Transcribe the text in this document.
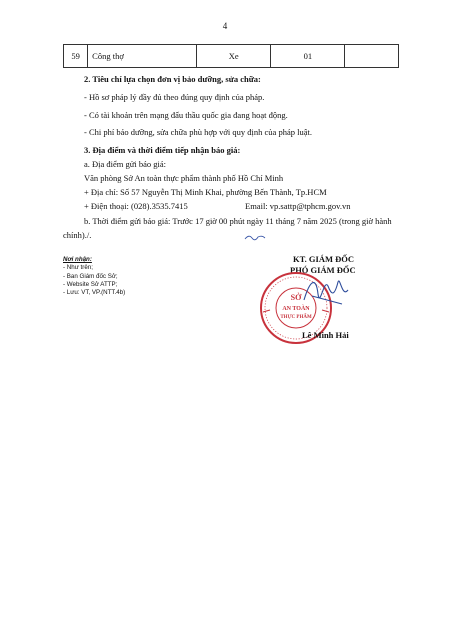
4
59	Công thợ	Xe	01	
2. Tiêu chí lựa chọn đơn vị bảo dưỡng, sửa chữa:
- Hồ sơ pháp lý đầy đủ theo đúng quy định của pháp.
- Có tài khoản trên mạng đấu thầu quốc gia đang hoạt động.
- Chi phí bảo dưỡng, sửa chữa phù hợp với quy định của pháp luật.
3. Địa điểm và thời điểm tiếp nhận báo giá:
a. Địa điểm gửi báo giá:
Văn phòng Sở An toàn thực phẩm thành phố Hồ Chí Minh
+ Địa chỉ: Số 57 Nguyễn Thị Minh Khai, phường Bến Thành, Tp.HCM
+ Điện thoại: (028).3535.7415	Email: vp.sattp@tphcm.gov.vn
b. Thời điểm gửi báo giá: Trước 17 giờ 00 phút ngày 11 tháng 7 năm 2025 (trong giờ hành chính)./.
Nơi nhận:
- Như trên;
- Ban Giám đốc Sở;
- Website Sở ATTP;
- Lưu: VT, VP.(NTT.4b)
KT. GIÁM ĐỐC
PHÓ GIÁM ĐỐC
SỞ
AN TOÀN
THỰC PHẨM
Lê Minh Hải
